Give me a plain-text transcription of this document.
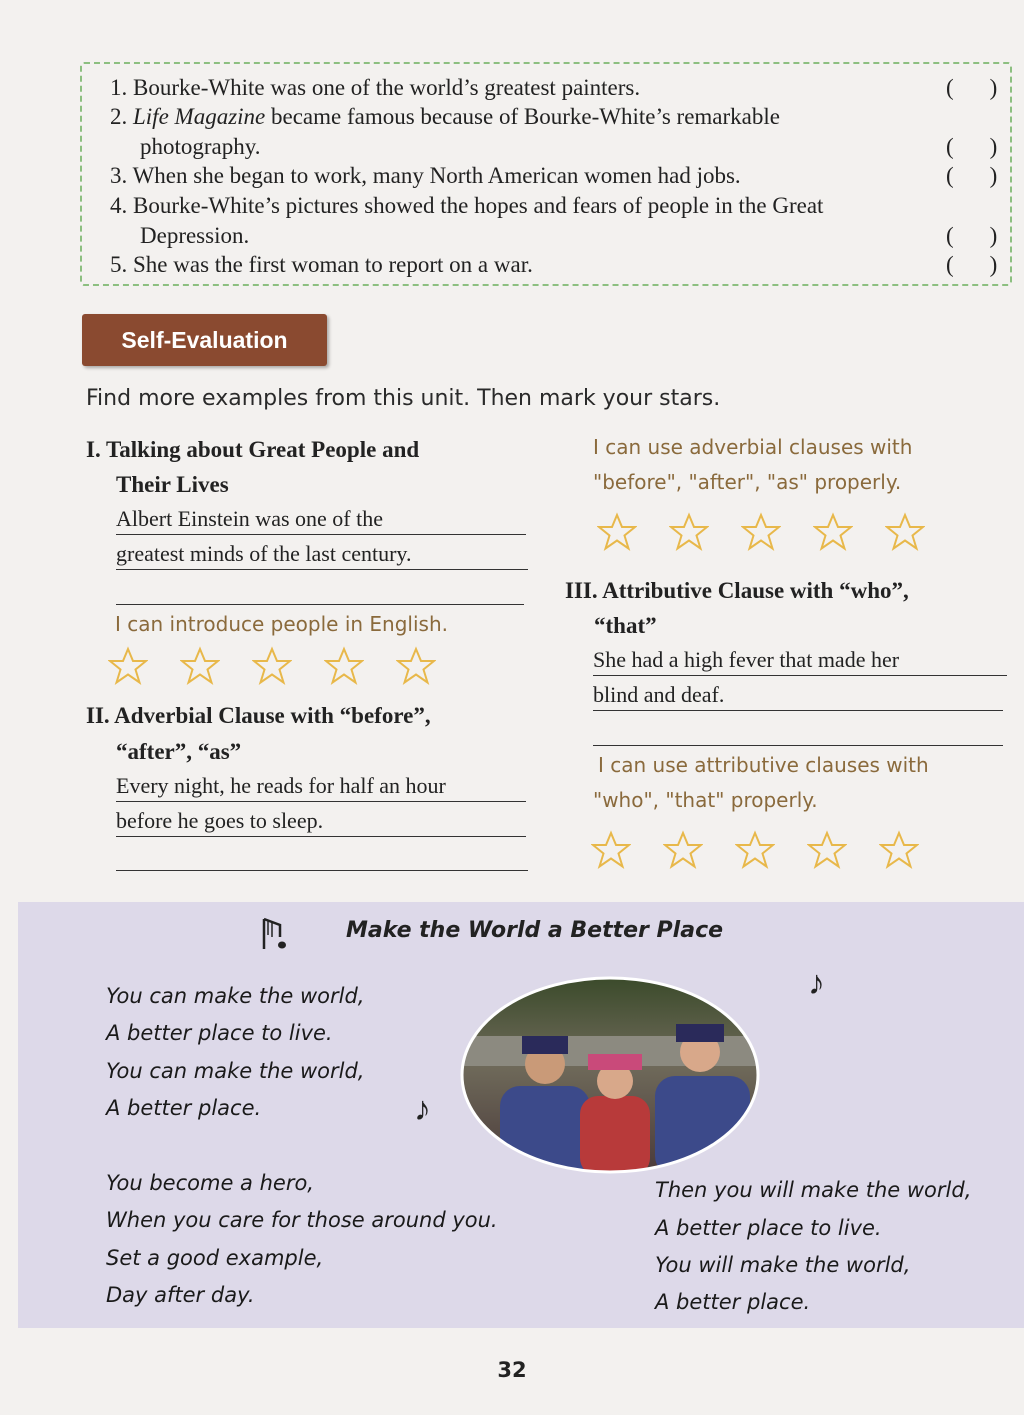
1. Bourke-White was one of the world’s greatest painters.
2. Life Magazine became famous because of Bourke-White’s remarkable
photography.
3. When she began to work, many North American women had jobs.
4. Bourke-White’s pictures showed the hopes and fears of people in the Great
Depression.
5. She was the first woman to report on a war.
( )
( )
( )
( )
( )
Self-Evaluation
Find more examples from this unit. Then mark your stars.
I. Talking about Great People and
Their Lives
Albert Einstein was one of the
greatest minds of the last century.
I can introduce people in English.
II. Adverbial Clause with “before”,
“after”, “as”
Every night, he reads for half an hour
before he goes to sleep.
I can use adverbial clauses with
"before", "after", "as" properly.
III. Attributive Clause with “who”,
“that”
She had a high fever that made her
blind and deaf.
I can use attributive clauses with
"who", "that" properly.
Make the World a Better Place
You can make the world,
A better place to live.
You can make the world,
A better place.
You become a hero,
When you care for those around you.
Set a good example,
Day after day.
Then you will make the world,
A better place to live.
You will make the world,
A better place.
♪
♪
32
